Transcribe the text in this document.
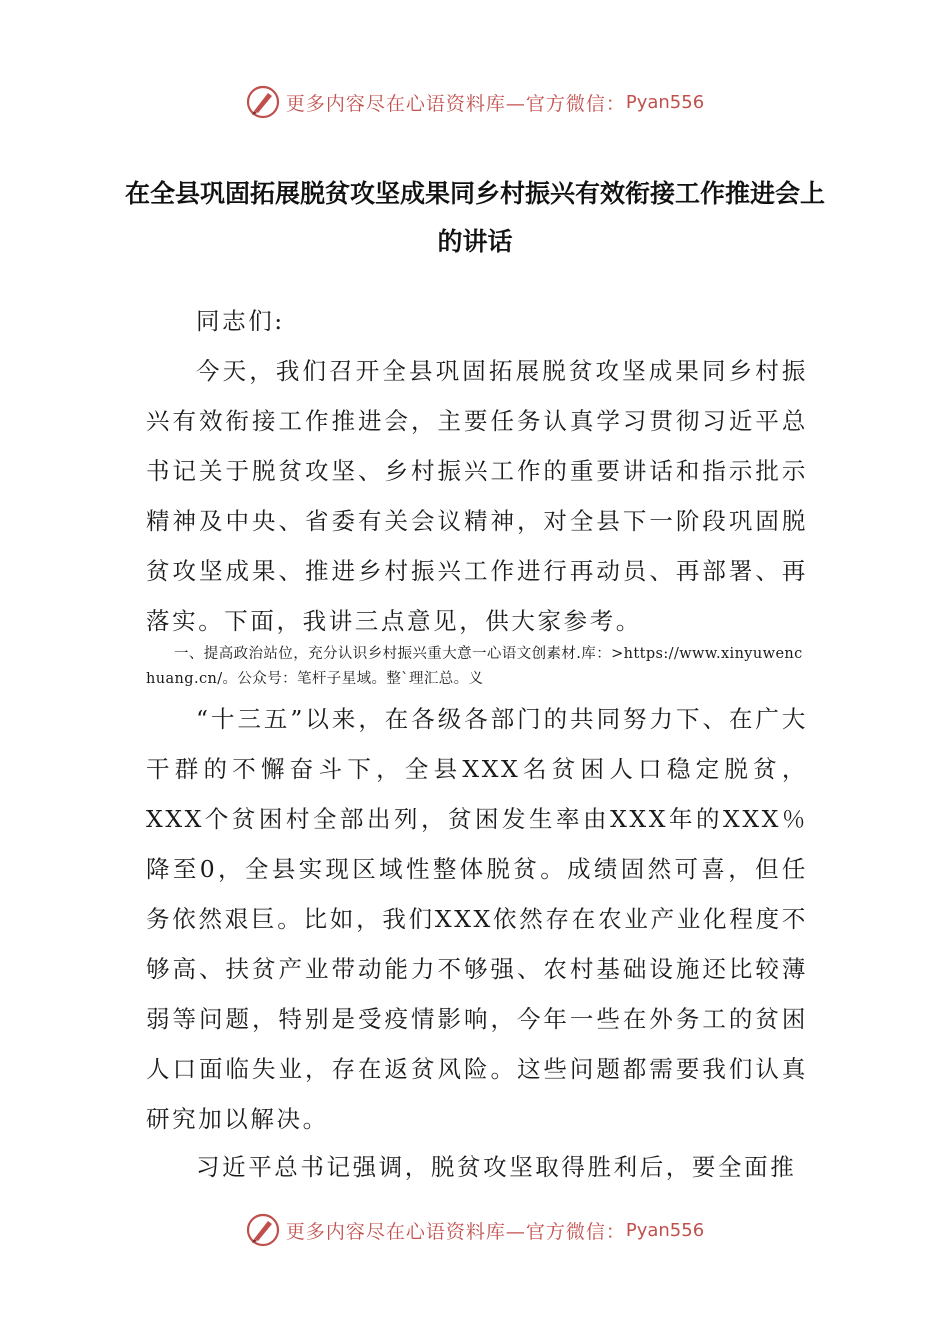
更多内容尽在心语资料库—官方微信： Pyan556
在全县巩固拓展脱贫攻坚成果同乡村振兴有效衔接工作推进会上的讲话

同志们:

今天，我们召开全县巩固拓展脱贫攻坚成果同乡村振兴有效衔接工作推进会，主要任务认真学习贯彻习近平总书记关于脱贫攻坚、乡村振兴工作的重要讲话和指示批示精神及中央、省委有关会议精神，对全县下一阶段巩固脱贫攻坚成果、推进乡村振兴工作进行再动员、再部署、再落实。下面，我讲三点意见，供大家参考。

一、提高政治站位，充分认识乡村振兴重大意一心语文创素材.库：>https://www.xinyuwenchuang.cn/。公众号：笔杆子星域。整`理汇总。义

“十三五”以来，在各级各部门的共同努力下、在广大干群的不懈奋斗下，全县XXX名贫困人口稳定脱贫，XXX个贫困村全部出列，贫困发生率由XXX年的XXX％降至0，全县实现区域性整体脱贫。成绩固然可喜，但任务依然艰巨。比如，我们XXX依然存在农业产业化程度不够高、扶贫产业带动能力不够强、农村基础设施还比较薄弱等问题，特别是受疫情影响，今年一些在外务工的贫困人口面临失业，存在返贫风险。这些问题都需要我们认真研究加以解决。

习近平总书记强调，脱贫攻坚取得胜利后，要全面推

更多内容尽在心语资料库—官方微信： Pyan556
